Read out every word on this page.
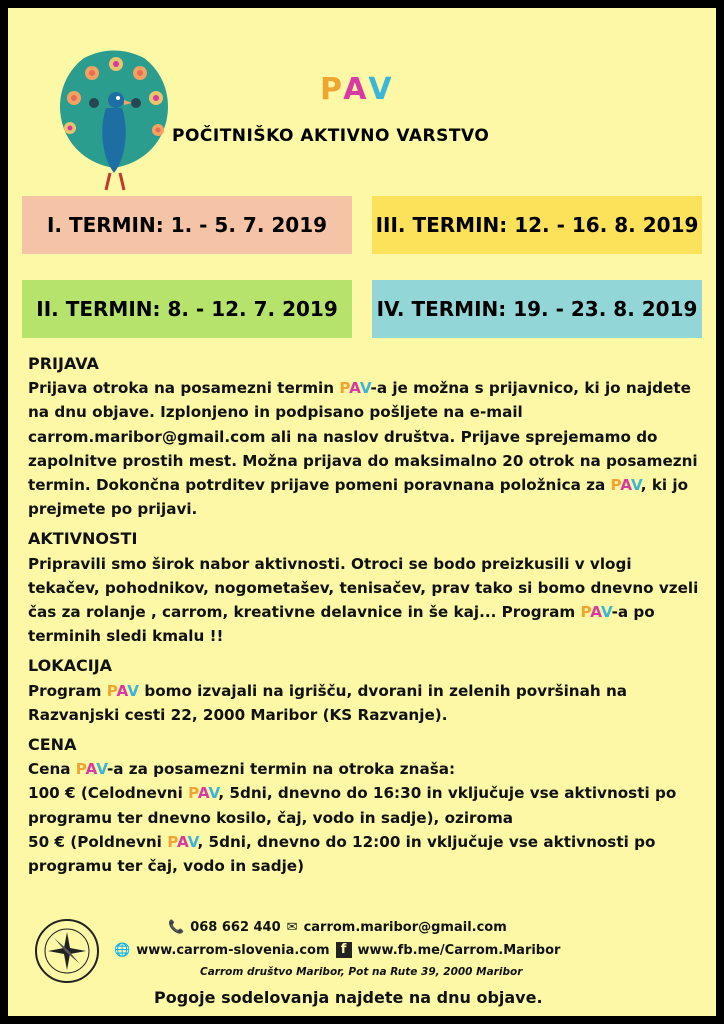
PAV
POČITNIŠKO AKTIVNO VARSTVO
I. TERMIN: 1. - 5. 7. 2019
II. TERMIN: 8. - 12. 7. 2019
III. TERMIN: 12. - 16. 8. 2019
IV. TERMIN: 19. - 23. 8. 2019
PRIJAVA

Prijava otroka na posamezni termin PAV-a je možna s prijavnico, ki jo najdete na dnu objave. Izplonjeno in podpisano pošljete na e-mail carrom.maribor@gmail.com ali na naslov društva. Prijave sprejemamo do zapolnitve prostih mest. Možna prijava do maksimalno 20 otrok na posamezni termin. Dokončna potrditev prijave pomeni poravnana položnica za PAV, ki jo prejmete po prijavi.

AKTIVNOSTI

Pripravili smo širok nabor aktivnosti. Otroci se bodo preizkusili v vlogi tekačev, pohodnikov, nogometašev, tenisačev, prav tako si bomo dnevno vzeli čas za rolanje , carrom, kreativne delavnice in še kaj... Program PAV-a po terminih sledi kmalu !!

LOKACIJA

Program PAV bomo izvajali na igrišču, dvorani in zelenih površinah na Razvanjski cesti 22, 2000 Maribor (KS Razvanje).

CENA

Cena PAV-a za posamezni termin na otroka znaša:

100 € (Celodnevni PAV, 5dni, dnevno do 16:30 in vključuje vse aktivnosti po programu ter dnevno kosilo, čaj, vodo in sadje), oziroma

50 € (Poldnevni PAV, 5dni, dnevno do 12:00 in vključuje vse aktivnosti po programu ter čaj, vodo in sadje)

📞 068 662 440 ✉ carrom.maribor@gmail.com
🌐 www.carrom-slovenia.com f www.fb.me/Carrom.Maribor
Carrom društvo Maribor, Pot na Rute 39, 2000 Maribor
Pogoje sodelovanja najdete na dnu objave.
